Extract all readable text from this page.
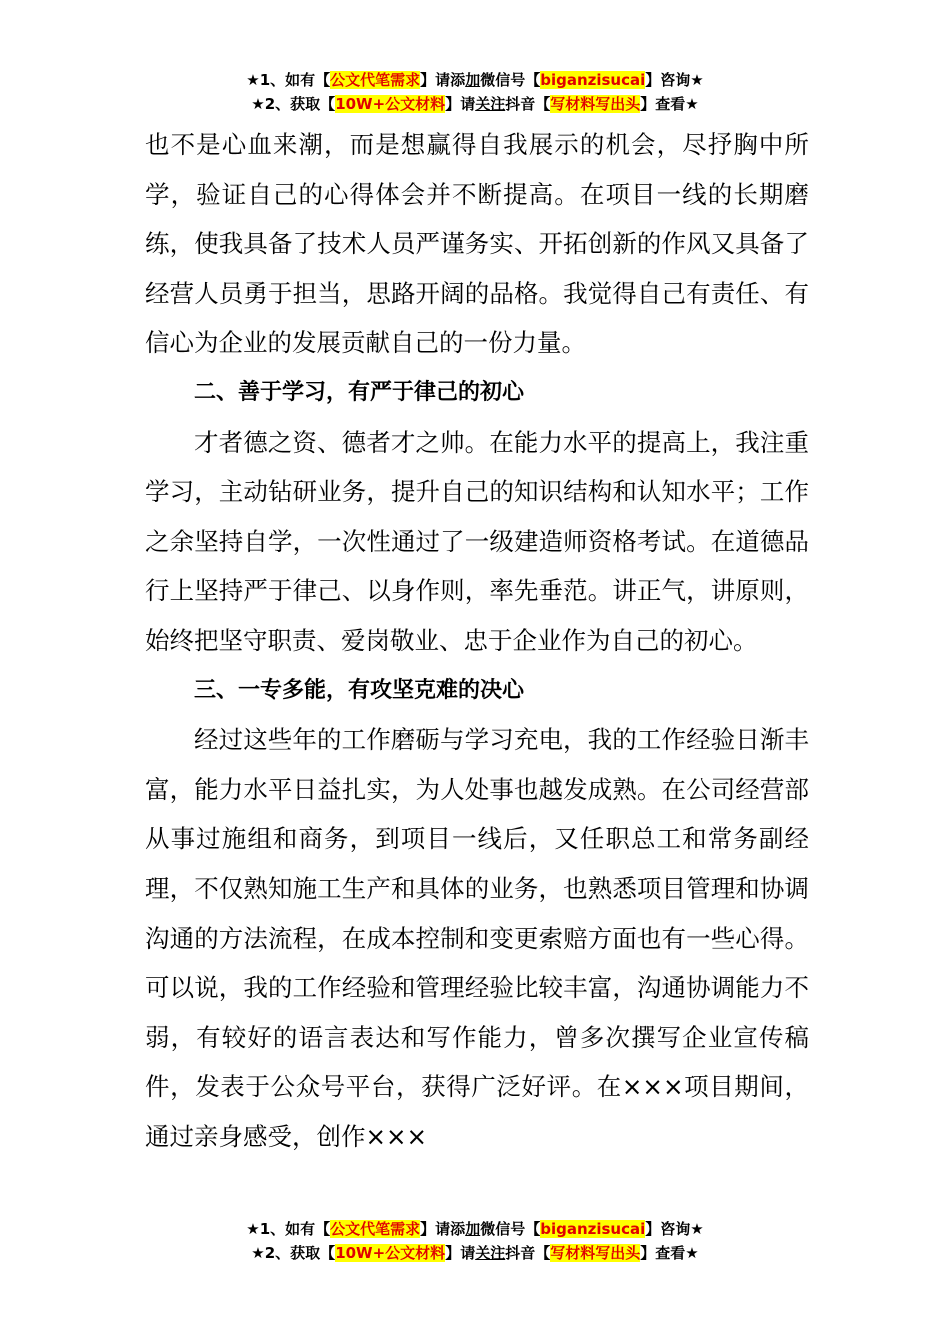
★1、如有【公文代笔需求】请添加微信号【biganzisucai】咨询★
★2、获取【10W+公文材料】请关注抖音【写材料写出头】查看★

也不是心血来潮，而是想赢得自我展示的机会，尽抒胸中所学，验证自己的心得体会并不断提高。在项目一线的长期磨练，使我具备了技术人员严谨务实、开拓创新的作风又具备了经营人员勇于担当，思路开阔的品格。我觉得自己有责任、有信心为企业的发展贡献自己的一份力量。

二、善于学习，有严于律己的初心

才者德之资、德者才之帅。在能力水平的提高上，我注重学习，主动钻研业务，提升自己的知识结构和认知水平；工作之余坚持自学，一次性通过了一级建造师资格考试。在道德品行上坚持严于律己、以身作则，率先垂范。讲正气，讲原则，始终把坚守职责、爱岗敬业、忠于企业作为自己的初心。

三、一专多能，有攻坚克难的决心

经过这些年的工作磨砺与学习充电，我的工作经验日渐丰富，能力水平日益扎实，为人处事也越发成熟。在公司经营部从事过施组和商务，到项目一线后，又任职总工和常务副经理，不仅熟知施工生产和具体的业务，也熟悉项目管理和协调沟通的方法流程，在成本控制和变更索赔方面也有一些心得。可以说，我的工作经验和管理经验比较丰富，沟通协调能力不弱，有较好的语言表达和写作能力，曾多次撰写企业宣传稿件，发表于公众号平台，获得广泛好评。在×××项目期间，通过亲身感受，创作×××

★1、如有【公文代笔需求】请添加微信号【biganzisucai】咨询★
★2、获取【10W+公文材料】请关注抖音【写材料写出头】查看★
